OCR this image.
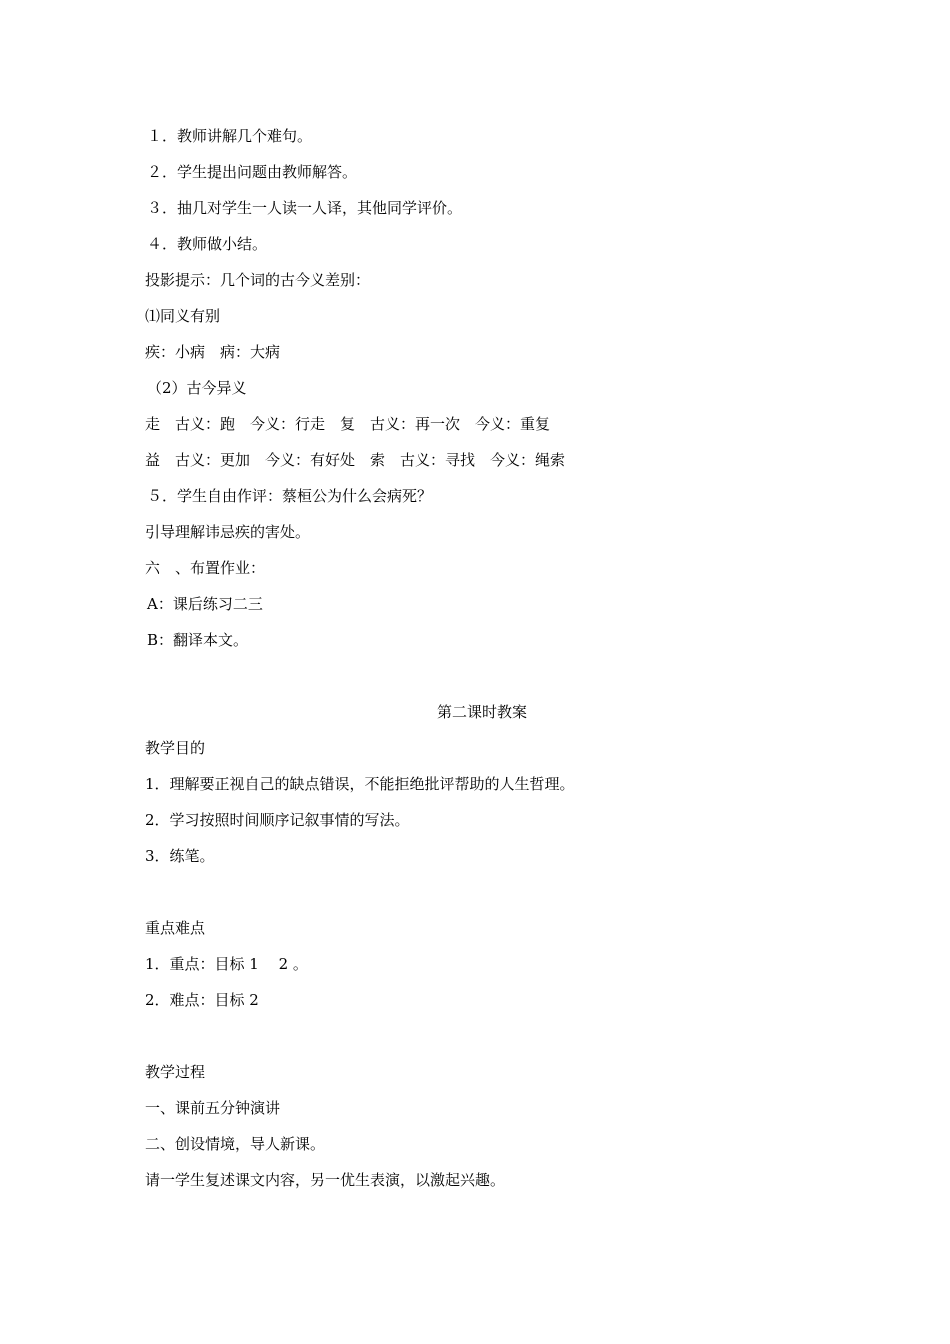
１．教师讲解几个难句。
２．学生提出问题由教师解答。
３．抽几对学生一人读一人译，其他同学评价。
４．教师做小结。
投影提示：几个词的古今义差别：
⑴同义有别
疾：小病　病：大病
（2）古今异义
走　古义：跑　今义：行走　复　古义：再一次　今义：重复
益　古义：更加　今义：有好处　索　古义：寻找　今义：绳索
５．学生自由作评：蔡桓公为什么会病死？
引导理解讳忌疾的害处。
六　、布置作业：
A：课后练习二三
B：翻译本文。
第二课时教案
教学目的
1．理解要正视自己的缺点错误，不能拒绝批评帮助的人生哲理。
2．学习按照时间顺序记叙事情的写法。
3．练笔。
重点难点
1．重点：目标 1　 2 。
2．难点：目标 2
教学过程
一、课前五分钟演讲
二、创设情境，导人新课。
请一学生复述课文内容，另一优生表演，以激起兴趣。
